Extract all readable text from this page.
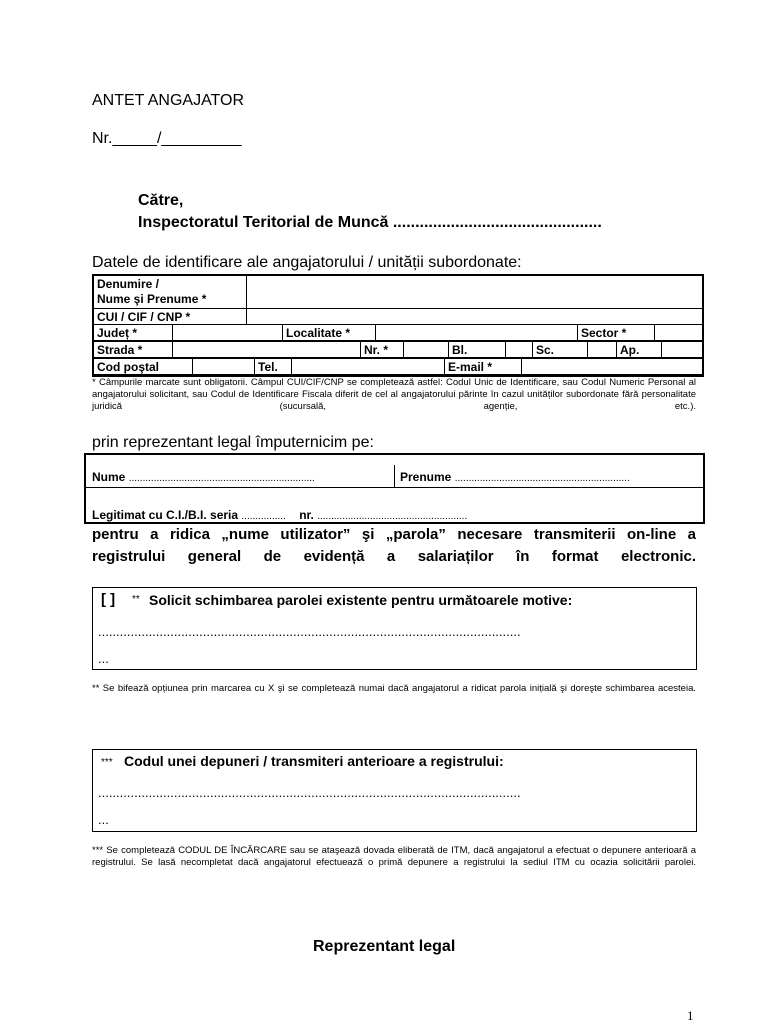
ANTET ANGAJATOR
Nr._____/_________
Către,
Inspectoratul Teritorial de Muncă ...............................................
Datele de identificare ale angajatorului / unității subordonate:
Denumire /
Nume şi Prenume *	
CUI / CIF / CNP *	
Județ *		Localitate *		Sector *	
Strada *		Nr. *		Bl.		Sc.		Ap.	
Cod poştal		Tel.		E-mail *	
* Câmpurile marcate sunt obligatorii. Câmpul CUI/CIF/CNP se completează astfel: Codul Unic de Identificare, sau Codul Numeric Personal al angajatorului solicitant, sau Codul de Identificare Fiscala diferit de cel al angajatorului părinte în cazul unităților subordonate fără personalitate juridică (sucursală, agenție, etc.).
prin reprezentant legal împuternicim pe:
Nume ...................................................................	Prenume ...............................................................
Legitimat cu C.I./B.I. seria ................ nr. ......................................................
pentru a ridica „nume utilizator” şi „parola” necesare transmiterii on-line a registrului general de evidență a salariaților în format electronic.
[ ] ** Solicit schimbarea parolei existente pentru următoarele motive:
.....................................................................................................................
...
** Se bifează opțiunea prin marcarea cu X şi se completează numai dacă angajatorul a ridicat parola inițială şi doreşte schimbarea acesteia.
*** Codul unei depuneri / transmiteri anterioare a registrului:
.....................................................................................................................
...
*** Se completează CODUL DE ÎNCĂRCARE sau se ataşează dovada eliberată de ITM, dacă angajatorul a efectuat o depunere anterioară a registrului. Se lasă necompletat dacă angajatorul efectuează o primă depunere a registrului la sediul ITM cu ocazia solicitării parolei.
Reprezentant legal
1
